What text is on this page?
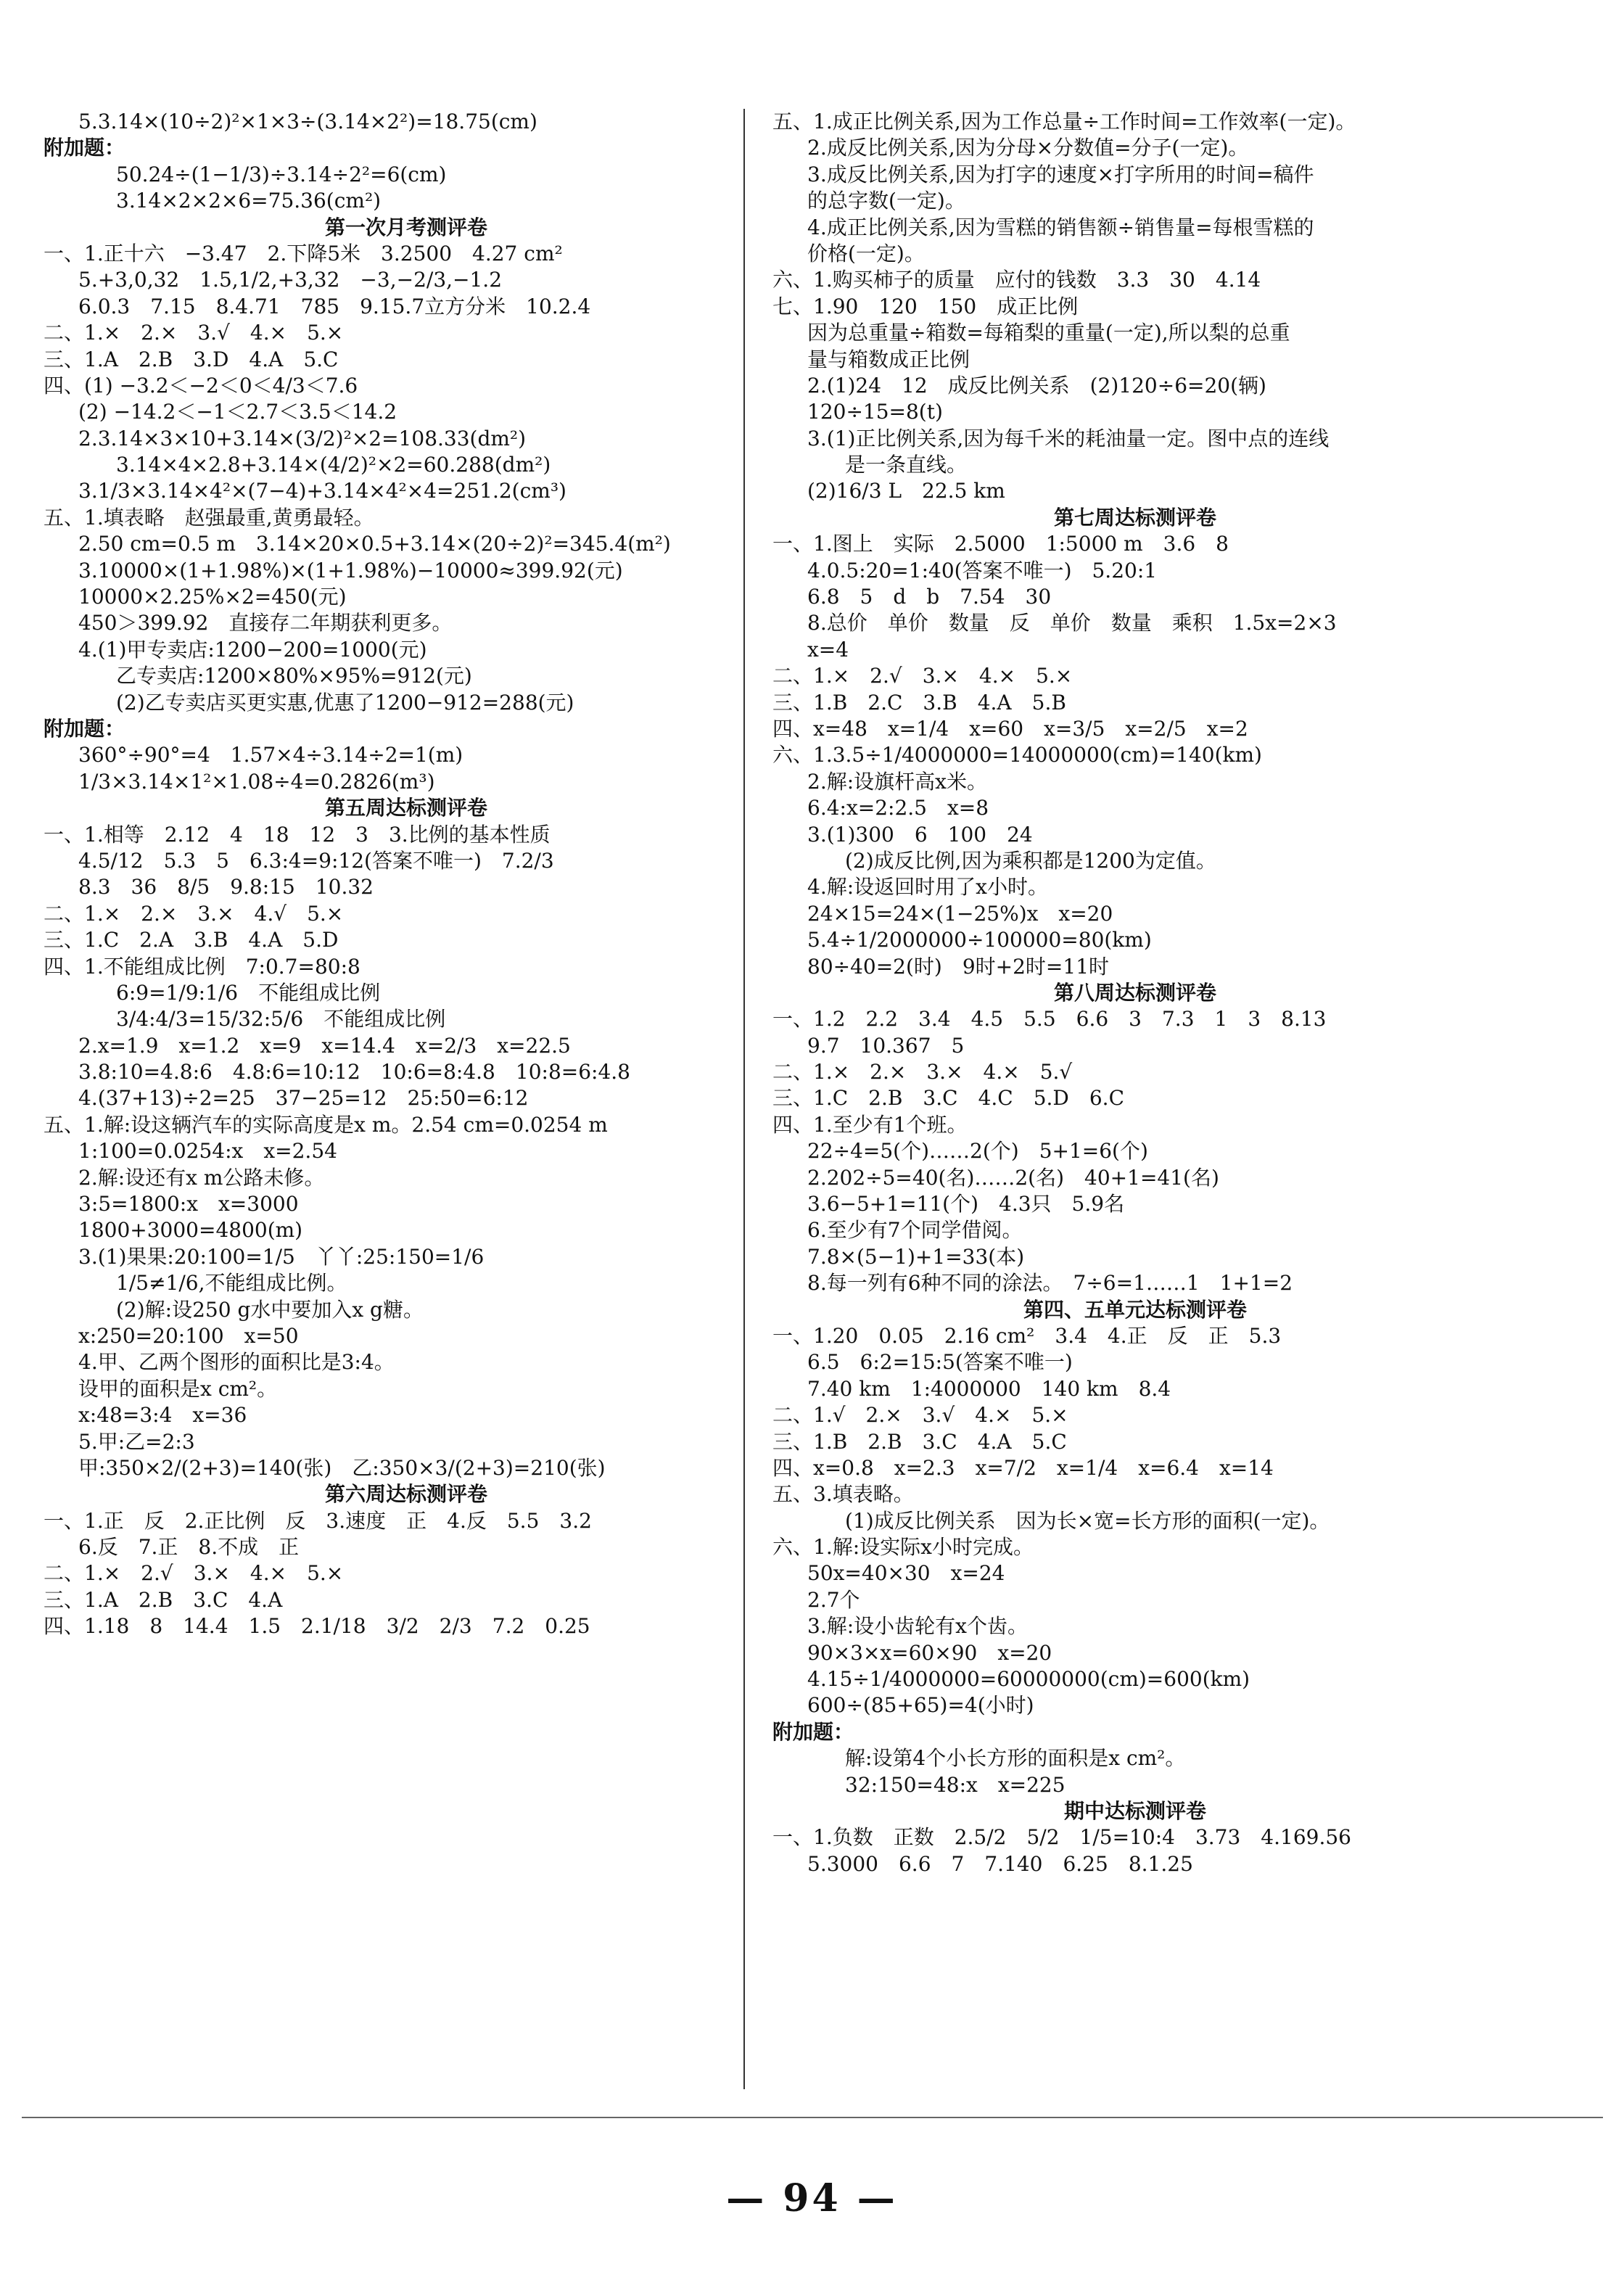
5.3.14×(10÷2)²×1×3÷(3.14×2²)=18.75(cm)
附加题：
50.24÷(1−1/3)÷3.14÷2²=6(cm)
3.14×2×2×6=75.36(cm²)
第一次月考测评卷
一、1.正十六　−3.47　2.下降5米　3.2500　4.27 cm²
5.+3,0,32　1.5,1/2,+3,32　−3,−2/3,−1.2
6.0.3　7.15　8.4.71　785　9.15.7立方分米　10.2.4
二、1.×　2.×　3.√　4.×　5.×
三、1.A　2.B　3.D　4.A　5.C
四、(1) −3.2＜−2＜0＜4/3＜7.6
(2) −14.2＜−1＜2.7＜3.5＜14.2
2.3.14×3×10+3.14×(3/2)²×2=108.33(dm²)
3.14×4×2.8+3.14×(4/2)²×2=60.288(dm²)
3.1/3×3.14×4²×(7−4)+3.14×4²×4=251.2(cm³)
五、1.填表略　赵强最重,黄勇最轻。
2.50 cm=0.5 m　3.14×20×0.5+3.14×(20÷2)²=345.4(m²)
3.10000×(1+1.98%)×(1+1.98%)−10000≈399.92(元)
10000×2.25%×2=450(元)
450＞399.92　直接存二年期获利更多。
4.(1)甲专卖店:1200−200=1000(元)
乙专卖店:1200×80%×95%=912(元)
(2)乙专卖店买更实惠,优惠了1200−912=288(元)
附加题：
360°÷90°=4　1.57×4÷3.14÷2=1(m)
1/3×3.14×1²×1.08÷4=0.2826(m³)
第五周达标测评卷
一、1.相等　2.12　4　18　12　3　3.比例的基本性质
4.5/12　5.3　5　6.3:4=9:12(答案不唯一)　7.2/3
8.3　36　8/5　9.8:15　10.32
二、1.×　2.×　3.×　4.√　5.×
三、1.C　2.A　3.B　4.A　5.D
四、1.不能组成比例　7:0.7=80:8
6:9=1/9:1/6　不能组成比例
3/4:4/3=15/32:5/6　不能组成比例
2.x=1.9　x=1.2　x=9　x=14.4　x=2/3　x=22.5
3.8:10=4.8:6　4.8:6=10:12　10:6=8:4.8　10:8=6:4.8
4.(37+13)÷2=25　37−25=12　25:50=6:12
五、1.解:设这辆汽车的实际高度是x m。2.54 cm=0.0254 m
1:100=0.0254:x　x=2.54
2.解:设还有x m公路未修。
3:5=1800:x　x=3000
1800+3000=4800(m)
3.(1)果果:20:100=1/5　丫丫:25:150=1/6
1/5≠1/6,不能组成比例。
(2)解:设250 g水中要加入x g糖。
x:250=20:100　x=50
4.甲、乙两个图形的面积比是3:4。
设甲的面积是x cm²。
x:48=3:4　x=36
5.甲:乙=2:3
甲:350×2/(2+3)=140(张)　乙:350×3/(2+3)=210(张)
第六周达标测评卷
一、1.正　反　2.正比例　反　3.速度　正　4.反　5.5　3.2
6.反　7.正　8.不成　正
二、1.×　2.√　3.×　4.×　5.×
三、1.A　2.B　3.C　4.A
四、1.18　8　14.4　1.5　2.1/18　3/2　2/3　7.2　0.25
五、1.成正比例关系,因为工作总量÷工作时间=工作效率(一定)。
2.成反比例关系,因为分母×分数值=分子(一定)。
3.成反比例关系,因为打字的速度×打字所用的时间=稿件
的总字数(一定)。
4.成正比例关系,因为雪糕的销售额÷销售量=每根雪糕的
价格(一定)。
六、1.购买柿子的质量　应付的钱数　3.3　30　4.14
七、1.90　120　150　成正比例
因为总重量÷箱数=每箱梨的重量(一定),所以梨的总重
量与箱数成正比例
2.(1)24　12　成反比例关系　(2)120÷6=20(辆)
120÷15=8(t)
3.(1)正比例关系,因为每千米的耗油量一定。图中点的连线
是一条直线。
(2)16/3 L　22.5 km
第七周达标测评卷
一、1.图上　实际　2.5000　1:5000 m　3.6　8
4.0.5:20=1:40(答案不唯一)　5.20:1
6.8　5　d　b　7.54　30
8.总价　单价　数量　反　单价　数量　乘积　1.5x=2×3
x=4
二、1.×　2.√　3.×　4.×　5.×
三、1.B　2.C　3.B　4.A　5.B
四、x=48　x=1/4　x=60　x=3/5　x=2/5　x=2
六、1.3.5÷1/4000000=14000000(cm)=140(km)
2.解:设旗杆高x米。
6.4:x=2:2.5　x=8
3.(1)300　6　100　24
(2)成反比例,因为乘积都是1200为定值。
4.解:设返回时用了x小时。
24×15=24×(1−25%)x　x=20
5.4÷1/2000000÷100000=80(km)
80÷40=2(时)　9时+2时=11时
第八周达标测评卷
一、1.2　2.2　3.4　4.5　5.5　6.6　3　7.3　1　3　8.13
9.7　10.367　5
二、1.×　2.×　3.×　4.×　5.√
三、1.C　2.B　3.C　4.C　5.D　6.C
四、1.至少有1个班。
22÷4=5(个)……2(个)　5+1=6(个)
2.202÷5=40(名)……2(名)　40+1=41(名)
3.6−5+1=11(个)　4.3只　5.9名
6.至少有7个同学借阅。
7.8×(5−1)+1=33(本)
8.每一列有6种不同的涂法。　7÷6=1……1　1+1=2
第四、五单元达标测评卷
一、1.20　0.05　2.16 cm²　3.4　4.正　反　正　5.3
6.5　6:2=15:5(答案不唯一)
7.40 km　1:4000000　140 km　8.4
二、1.√　2.×　3.√　4.×　5.×
三、1.B　2.B　3.C　4.A　5.C
四、x=0.8　x=2.3　x=7/2　x=1/4　x=6.4　x=14
五、3.填表略。
(1)成反比例关系　因为长×宽=长方形的面积(一定)。
六、1.解:设实际x小时完成。
50x=40×30　x=24
2.7个
3.解:设小齿轮有x个齿。
90×3×x=60×90　x=20
4.15÷1/4000000=60000000(cm)=600(km)
600÷(85+65)=4(小时)
附加题：
解:设第4个小长方形的面积是x cm²。
32:150=48:x　x=225
期中达标测评卷
一、1.负数　正数　2.5/2　5/2　1/5=10:4　3.73　4.169.56
5.3000　6.6　7　7.140　6.25　8.1.25
— 94 —
